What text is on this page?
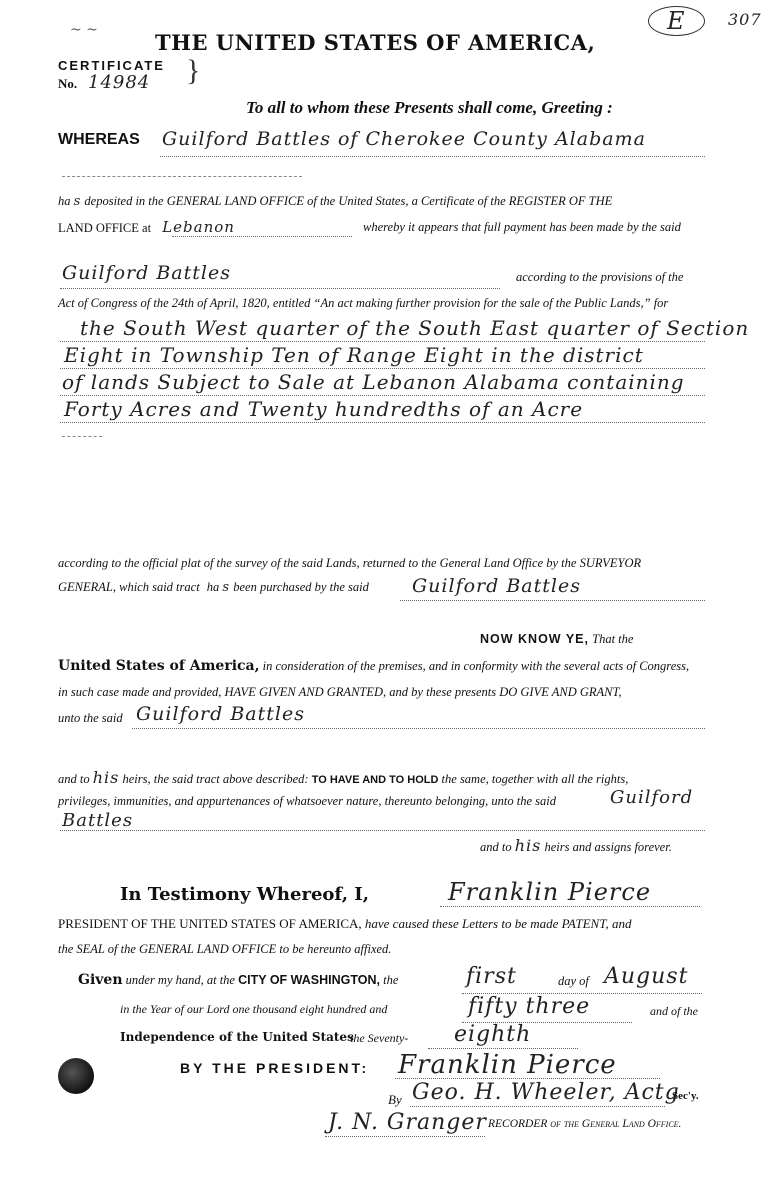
~ ~	THE UNITED STATES OF AMERICA,
E	307
CERTIFICATE }
No. 14984
To all to whom these Presents shall come, Greeting :
WHEREAS Guilford Battles of Cherokee County Alabama
ha s deposited in the GENERAL LAND OFFICE of the United States, a Certificate of the REGISTER OF THE
LAND OFFICE at Lebanon	whereby it appears that full payment has been made by the said
Guilford Battles	according to the provisions of the
Act of Congress of the 24th of April, 1820, entitled “An act making further provision for the sale of the Public Lands,” for
the South West quarter of the South East quarter of Section
Eight in Township Ten of Range Eight in the district
of lands Subject to Sale at Lebanon Alabama containing
Forty Acres and Twenty hundredths of an Acre
according to the official plat of the survey of the said Lands, returned to the General Land Office by the SURVEYOR
GENERAL, which said tract ha s been purchased by the said Guilford Battles
NOW KNOW YE, That the
United States of America, in consideration of the premises, and in conformity with the several acts of Congress,
in such case made and provided, HAVE GIVEN AND GRANTED, and by these presents DO GIVE AND GRANT,
unto the said Guilford Battles
and to his heirs, the said tract above described: TO HAVE AND TO HOLD the same, together with all the rights,
privileges, immunities, and appurtenances of whatsoever nature, thereunto belonging, unto the said	Guilford
Battles
and to his heirs and assigns forever.
In Testimony Whereof, I,	Franklin Pierce
PRESIDENT OF THE UNITED STATES OF AMERICA, have caused these Letters to be made PATENT, and
the SEAL of the GENERAL LAND OFFICE to be hereunto affixed.
Given under my hand, at the CITY OF WASHINGTON, the	first	day of August
in the Year of our Lord one thousand eight hundred and	fifty three	and of the
Independence of the United States
the Seventy- eighth
BY THE PRESIDENT: Franklin Pierce
By Geo. H. Wheeler, Actg
Sec'y.
J. N. Granger RECORDER of the General Land Office.
